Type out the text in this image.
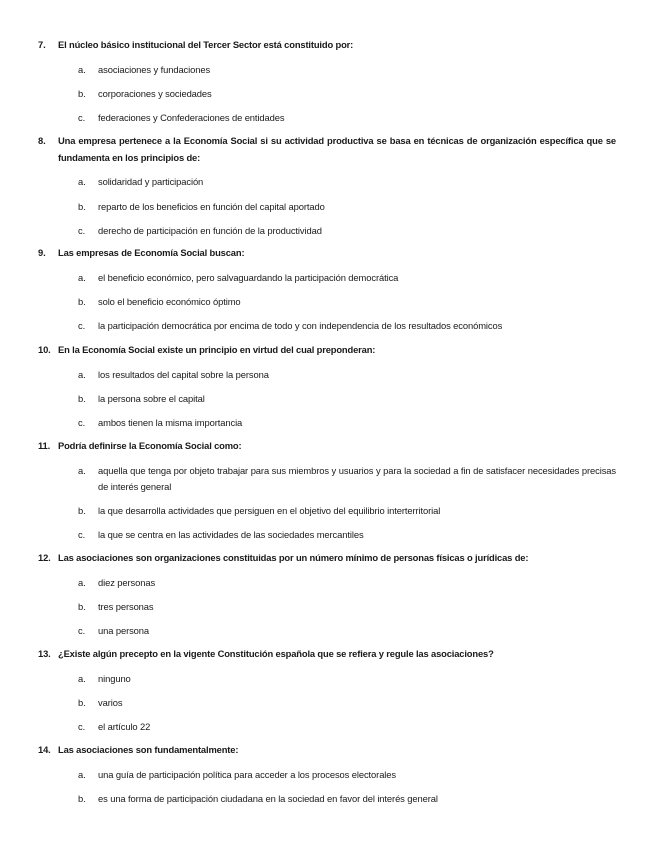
7.	El núcleo básico institucional del Tercer Sector está constituido por:
a.	asociaciones y fundaciones
b.	corporaciones y sociedades
c.	federaciones y Confederaciones de entidades
8.	Una empresa pertenece a la Economía Social si su actividad productiva se basa en técnicas de organización específica que se fundamenta en los principios de:
a.	solidaridad y participación
b.	reparto de los beneficios en función del capital aportado
c.	derecho de participación en función de la productividad
9.	Las empresas de Economía Social buscan:
a.	el beneficio económico, pero salvaguardando la participación democrática
b.	solo el beneficio económico óptimo
c.	la participación democrática por encima de todo y con independencia de los resultados económicos
10. En la Economía Social existe un principio en virtud del cual preponderan:
a.	los resultados del capital sobre la persona
b.	la persona sobre el capital
c.	ambos tienen la misma importancia
11. Podría definirse la Economía Social como:
a.	aquella que tenga por objeto trabajar para sus miembros y usuarios y para la sociedad a fin de satisfacer necesidades precisas de interés general
b.	la que desarrolla actividades que persiguen en el objetivo del equilibrio interterritorial
c.	la que se centra en las actividades de las sociedades mercantiles
12. Las asociaciones son organizaciones constituidas por un número mínimo de personas físicas o jurídicas de:
a.	diez personas
b.	tres personas
c.	una persona
13. ¿Existe algún precepto en la vigente Constitución española que se refiera y regule las asociaciones?
a.	ninguno
b.	varios
c.	el artículo 22
14. Las asociaciones son fundamentalmente:
a.	una guía de participación política para acceder a los procesos electorales
b.	es una forma de participación ciudadana en la sociedad en favor del interés general
